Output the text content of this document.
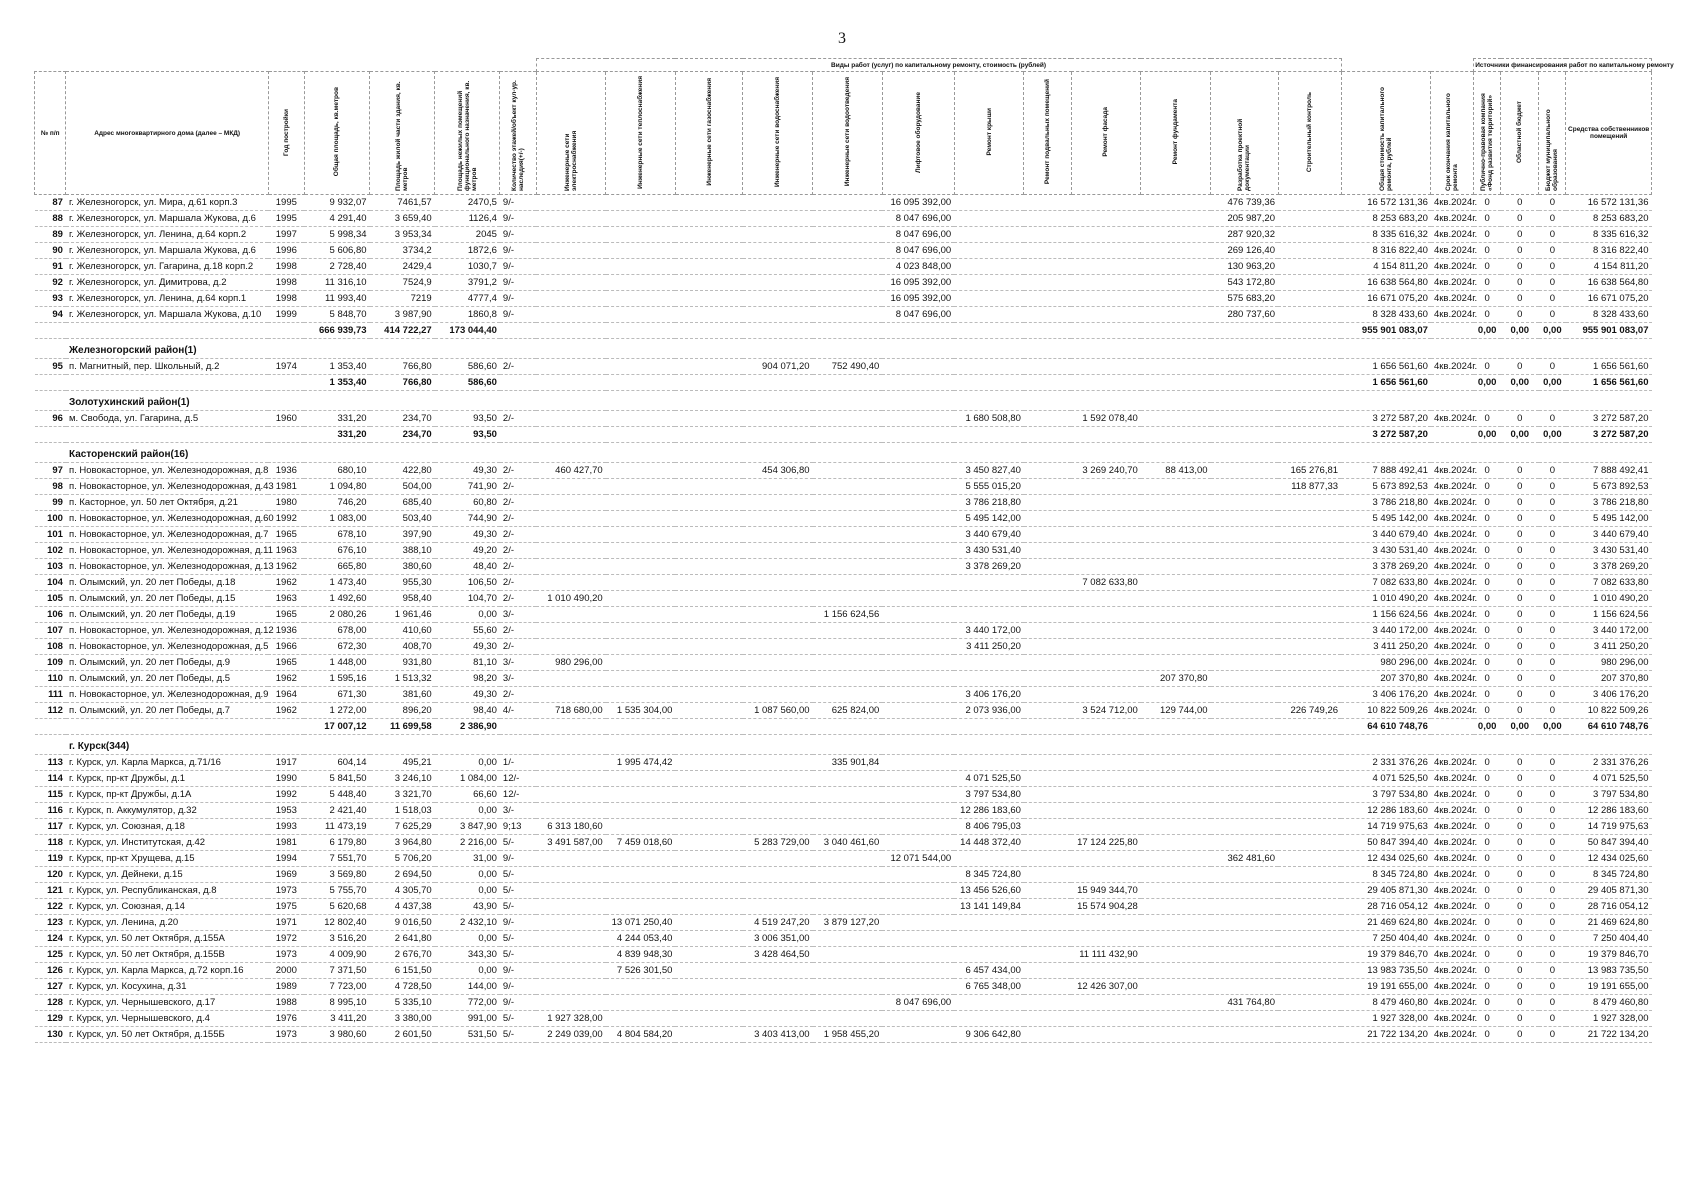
3
							Виды работ (услуг) по капитальному ремонту, стоимость (рублей)														Источники финансирования работ по капитальному ремонту			
№ п/п	Адрес многоквартирного дома (далее – МКД)	Год постройки	Общая площадь, кв.метров	Площадь жилой части здания, кв. метров	Площадь нежилых помещений функционального назначения, кв. метров	Количество этажей/объект кул-ур. наследия(+/-)	Инженерные сети электроснабжения	Инженерные сети теплоснабжения	Инженерные сети газоснабжения	Инженерные сети водоснабжения	Инженерные сети водоотведения	Лифтовое оборудование	Ремонт крыши	Ремонт подвальных помещений	Ремонт фасада	Ремонт фундамента	Разработка проектной документации	Строительный контроль	Общая стоимость капитального ремонта, рублей	Срок окончания капитального ремонта	Публично-правовая компания «Фонд развития территорий»	Областной бюджет	Бюджет муниципального образования	Средства собственников помещений
87	г. Железногорск, ул. Мира, д.61 корп.3	1995	9 932,07	7461,57	2470,5	9/-						16 095 392,00					476 739,36		16 572 131,36	4кв.2024г.	0	0	0	16 572 131,36
88	г. Железногорск, ул. Маршала Жукова, д.6	1995	4 291,40	3 659,40	1126,4	9/-						8 047 696,00					205 987,20		8 253 683,20	4кв.2024г.	0	0	0	8 253 683,20
89	г. Железногорск, ул. Ленина, д.64 корп.2	1997	5 998,34	3 953,34	2045	9/-						8 047 696,00					287 920,32		8 335 616,32	4кв.2024г.	0	0	0	8 335 616,32
90	г. Железногорск, ул. Маршала Жукова, д.6	1996	5 606,80	3734,2	1872,6	9/-						8 047 696,00					269 126,40		8 316 822,40	4кв.2024г.	0	0	0	8 316 822,40
91	г. Железногорск, ул. Гагарина, д.18 корп.2	1998	2 728,40	2429,4	1030,7	9/-						4 023 848,00					130 963,20		4 154 811,20	4кв.2024г.	0	0	0	4 154 811,20
92	г. Железногорск, ул. Димитрова, д.2	1998	11 316,10	7524,9	3791,2	9/-						16 095 392,00					543 172,80		16 638 564,80	4кв.2024г.	0	0	0	16 638 564,80
93	г. Железногорск, ул. Ленина, д.64 корп.1	1998	11 993,40	7219	4777,4	9/-						16 095 392,00					575 683,20		16 671 075,20	4кв.2024г.	0	0	0	16 671 075,20
94	г. Железногорск, ул. Маршала Жукова, д.10	1999	5 848,70	3 987,90	1860,8	9/-						8 047 696,00					280 737,60		8 328 433,60	4кв.2024г.	0	0	0	8 328 433,60
			666 939,73	414 722,27	173 044,40														955 901 083,07		0,00	0,00	0,00	955 901 083,07
	Железногорский район(1)																							
95	п. Магнитный, пер. Школьный, д.2	1974	1 353,40	766,80	586,60	2/-				904 071,20	752 490,40								1 656 561,60	4кв.2024г.	0	0	0	1 656 561,60
			1 353,40	766,80	586,60														1 656 561,60		0,00	0,00	0,00	1 656 561,60
	Золотухинский район(1)																							
96	м. Свобода, ул. Гагарина, д.5	1960	331,20	234,70	93,50	2/-							1 680 508,80		1 592 078,40				3 272 587,20	4кв.2024г.	0	0	0	3 272 587,20
			331,20	234,70	93,50														3 272 587,20		0,00	0,00	0,00	3 272 587,20
	Касторенский район(16)																							
97	п. Новокасторное, ул. Железнодорожная, д.8	1936	680,10	422,80	49,30	2/-	460 427,70			454 306,80			3 450 827,40		3 269 240,70	88 413,00		165 276,81	7 888 492,41	4кв.2024г.	0	0	0	7 888 492,41
98	п. Новокасторное, ул. Железнодорожная, д.43	1981	1 094,80	504,00	741,90	2/-							5 555 015,20					118 877,33	5 673 892,53	4кв.2024г.	0	0	0	5 673 892,53
99	п. Касторное, ул. 50 лет Октября, д.21	1980	746,20	685,40	60,80	2/-							3 786 218,80						3 786 218,80	4кв.2024г.	0	0	0	3 786 218,80
100	п. Новокасторное, ул. Железнодорожная, д.60	1992	1 083,00	503,40	744,90	2/-							5 495 142,00						5 495 142,00	4кв.2024г.	0	0	0	5 495 142,00
101	п. Новокасторное, ул. Железнодорожная, д.7	1965	678,10	397,90	49,30	2/-							3 440 679,40						3 440 679,40	4кв.2024г.	0	0	0	3 440 679,40
102	п. Новокасторное, ул. Железнодорожная, д.11	1963	676,10	388,10	49,20	2/-							3 430 531,40						3 430 531,40	4кв.2024г.	0	0	0	3 430 531,40
103	п. Новокасторное, ул. Железнодорожная, д.13	1962	665,80	380,60	48,40	2/-							3 378 269,20						3 378 269,20	4кв.2024г.	0	0	0	3 378 269,20
104	п. Олымский, ул. 20 лет Победы, д.18	1962	1 473,40	955,30	106,50	2/-									7 082 633,80				7 082 633,80	4кв.2024г.	0	0	0	7 082 633,80
105	п. Олымский, ул. 20 лет Победы, д.15	1963	1 492,60	958,40	104,70	2/-	1 010 490,20												1 010 490,20	4кв.2024г.	0	0	0	1 010 490,20
106	п. Олымский, ул. 20 лет Победы, д.19	1965	2 080,26	1 961,46	0,00	3/-					1 156 624,56								1 156 624,56	4кв.2024г.	0	0	0	1 156 624,56
107	п. Новокасторное, ул. Железнодорожная, д.12	1936	678,00	410,60	55,60	2/-							3 440 172,00						3 440 172,00	4кв.2024г.	0	0	0	3 440 172,00
108	п. Новокасторное, ул. Железнодорожная, д.5	1966	672,30	408,70	49,30	2/-							3 411 250,20						3 411 250,20	4кв.2024г.	0	0	0	3 411 250,20
109	п. Олымский, ул. 20 лет Победы, д.9	1965	1 448,00	931,80	81,10	3/-	980 296,00												980 296,00	4кв.2024г.	0	0	0	980 296,00
110	п. Олымский, ул. 20 лет Победы, д.5	1962	1 595,16	1 513,32	98,20	3/-										207 370,80			207 370,80	4кв.2024г.	0	0	0	207 370,80
111	п. Новокасторное, ул. Железнодорожная, д.9	1964	671,30	381,60	49,30	2/-							3 406 176,20						3 406 176,20	4кв.2024г.	0	0	0	3 406 176,20
112	п. Олымский, ул. 20 лет Победы, д.7	1962	1 272,00	896,20	98,40	4/-	718 680,00	1 535 304,00		1 087 560,00	625 824,00		2 073 936,00		3 524 712,00	129 744,00		226 749,26	10 822 509,26	4кв.2024г.	0	0	0	10 822 509,26
			17 007,12	11 699,58	2 386,90														64 610 748,76		0,00	0,00	0,00	64 610 748,76
	г. Курск(344)																							
113	г. Курск, ул. Карла Маркса, д.71/16	1917	604,14	495,21	0,00	1/-		1 995 474,42			335 901,84								2 331 376,26	4кв.2024г.	0	0	0	2 331 376,26
114	г. Курск, пр-кт Дружбы, д.1	1990	5 841,50	3 246,10	1 084,00	12/-							4 071 525,50						4 071 525,50	4кв.2024г.	0	0	0	4 071 525,50
115	г. Курск, пр-кт Дружбы, д.1А	1992	5 448,40	3 321,70	66,60	12/-							3 797 534,80						3 797 534,80	4кв.2024г.	0	0	0	3 797 534,80
116	г. Курск, п. Аккумулятор, д.32	1953	2 421,40	1 518,03	0,00	3/-							12 286 183,60						12 286 183,60	4кв.2024г.	0	0	0	12 286 183,60
117	г. Курск, ул. Союзная, д.18	1993	11 473,19	7 625,29	3 847,90	9;13	6 313 180,60						8 406 795,03						14 719 975,63	4кв.2024г.	0	0	0	14 719 975,63
118	г. Курск, ул. Институтская, д.42	1981	6 179,80	3 964,80	2 216,00	5/-	3 491 587,00	7 459 018,60		5 283 729,00	3 040 461,60		14 448 372,40		17 124 225,80				50 847 394,40	4кв.2024г.	0	0	0	50 847 394,40
119	г. Курск, пр-кт Хрущева, д.15	1994	7 551,70	5 706,20	31,00	9/-						12 071 544,00					362 481,60		12 434 025,60	4кв.2024г.	0	0	0	12 434 025,60
120	г. Курск, ул. Дейнеки, д.15	1969	3 569,80	2 694,50	0,00	5/-							8 345 724,80						8 345 724,80	4кв.2024г.	0	0	0	8 345 724,80
121	г. Курск, ул. Республиканская, д.8	1973	5 755,70	4 305,70	0,00	5/-							13 456 526,60		15 949 344,70				29 405 871,30	4кв.2024г.	0	0	0	29 405 871,30
122	г. Курск, ул. Союзная, д.14	1975	5 620,68	4 437,38	43,90	5/-							13 141 149,84		15 574 904,28				28 716 054,12	4кв.2024г.	0	0	0	28 716 054,12
123	г. Курск, ул. Ленина, д.20	1971	12 802,40	9 016,50	2 432,10	9/-		13 071 250,40		4 519 247,20	3 879 127,20								21 469 624,80	4кв.2024г.	0	0	0	21 469 624,80
124	г. Курск, ул. 50 лет Октября, д.155А	1972	3 516,20	2 641,80	0,00	5/-		4 244 053,40		3 006 351,00									7 250 404,40	4кв.2024г.	0	0	0	7 250 404,40
125	г. Курск, ул. 50 лет Октября, д.155В	1973	4 009,90	2 676,70	343,30	5/-		4 839 948,30		3 428 464,50					11 111 432,90				19 379 846,70	4кв.2024г.	0	0	0	19 379 846,70
126	г. Курск, ул. Карла Маркса, д.72 корп.16	2000	7 371,50	6 151,50	0,00	9/-		7 526 301,50					6 457 434,00						13 983 735,50	4кв.2024г.	0	0	0	13 983 735,50
127	г. Курск, ул. Косухина, д.31	1989	7 723,00	4 728,50	144,00	9/-							6 765 348,00		12 426 307,00				19 191 655,00	4кв.2024г.	0	0	0	19 191 655,00
128	г. Курск, ул. Чернышевского, д.17	1988	8 995,10	5 335,10	772,00	9/-						8 047 696,00					431 764,80		8 479 460,80	4кв.2024г.	0	0	0	8 479 460,80
129	г. Курск, ул. Чернышевского, д.4	1976	3 411,20	3 380,00	991,00	5/-	1 927 328,00												1 927 328,00	4кв.2024г.	0	0	0	1 927 328,00
130	г. Курск, ул. 50 лет Октября, д.155Б	1973	3 980,60	2 601,50	531,50	5/-	2 249 039,00	4 804 584,20		3 403 413,00	1 958 455,20		9 306 642,80						21 722 134,20	4кв.2024г.	0	0	0	21 722 134,20
